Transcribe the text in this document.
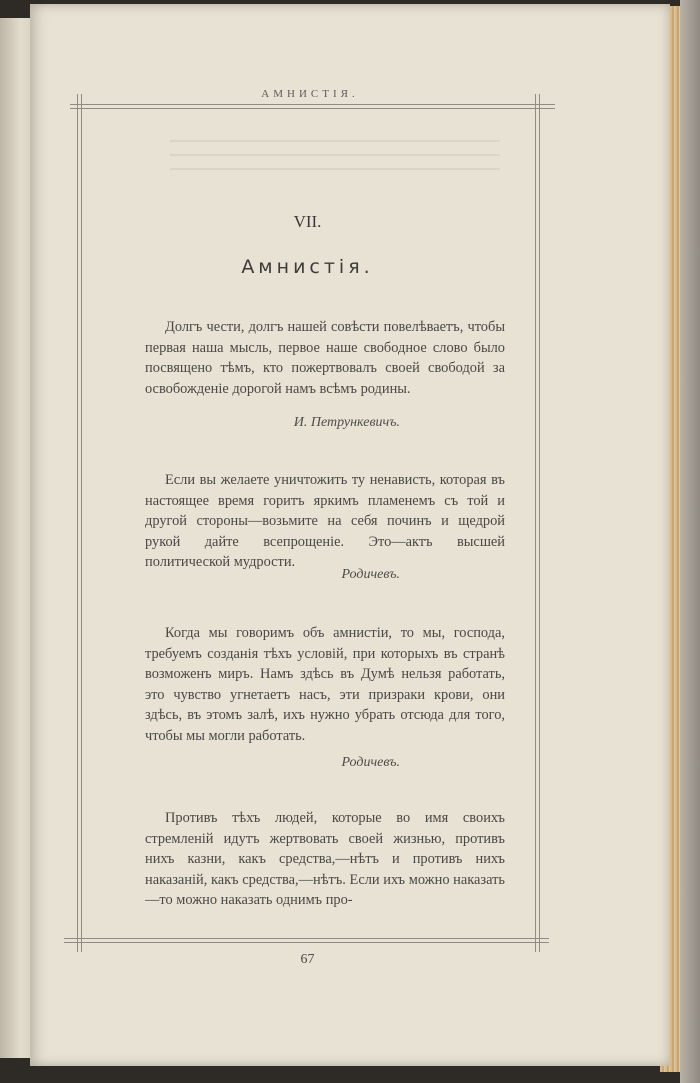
АМНИСТІЯ.
VII.
Амнистія.

Долгъ чести, долгъ нашей совѣсти повелѣваетъ, чтобы первая наша мысль, первое наше свободное слово было посвящено тѣмъ, кто пожертвовалъ своей свободой за освобожденіе дорогой намъ всѣмъ родины.

И. Петрункевичъ.

Если вы желаете уничтожить ту ненависть, которая въ настоящее время горитъ яркимъ пламенемъ съ той и другой стороны—возьмите на себя починъ и щедрой рукой дайте всепрощеніе. Это—актъ высшей политической мудрости.

Родичевъ.

Когда мы говоримъ объ амнистіи, то мы, господа, требуемъ созданія тѣхъ условій, при которыхъ въ странѣ возможенъ миръ. Намъ здѣсь въ Думѣ нельзя работать, это чувство угнетаетъ насъ, эти призраки крови, они здѣсь, въ этомъ залѣ, ихъ нужно убрать отсюда для того, чтобы мы могли работать.

Родичевъ.

Противъ тѣхъ людей, которые во имя своихъ стремленій идутъ жертвовать своей жизнью, противъ нихъ казни, какъ средства,—нѣтъ и противъ нихъ наказаній, какъ средства,—нѣтъ. Если ихъ можно наказать—то можно наказать однимъ про-

67
